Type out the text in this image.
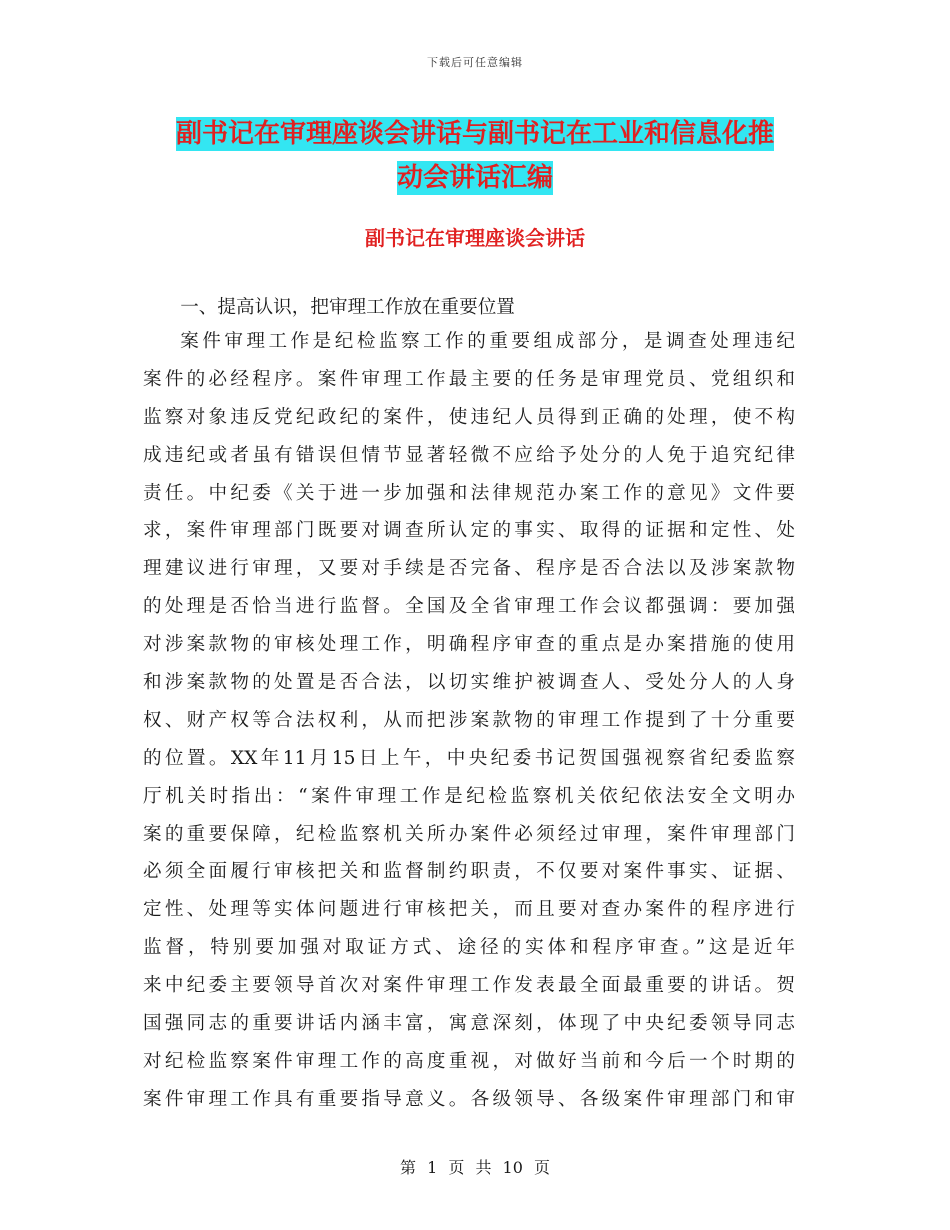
下载后可任意编辑
副书记在审理座谈会讲话与副书记在工业和信息化推
动会讲话汇编
副书记在审理座谈会讲话

一、提高认识，把审理工作放在重要位置

案件审理工作是纪检监察工作的重要组成部分，是调查处理违纪
案件的必经程序。案件审理工作最主要的任务是审理党员、党组织和
监察对象违反党纪政纪的案件，使违纪人员得到正确的处理，使不构
成违纪或者虽有错误但情节显著轻微不应给予处分的人免于追究纪律
责任。中纪委《关于进一步加强和法律规范办案工作的意见》文件要
求，案件审理部门既要对调查所认定的事实、取得的证据和定性、处
理建议进行审理，又要对手续是否完备、程序是否合法以及涉案款物
的处理是否恰当进行监督。全国及全省审理工作会议都强调：要加强
对涉案款物的审核处理工作，明确程序审查的重点是办案措施的使用
和涉案款物的处置是否合法，以切实维护被调查人、受处分人的人身
权、财产权等合法权利，从而把涉案款物的审理工作提到了十分重要
的位置。XX年11月15日上午，中央纪委书记贺国强视察省纪委监察
厅机关时指出：“案件审理工作是纪检监察机关依纪依法安全文明办
案的重要保障，纪检监察机关所办案件必须经过审理，案件审理部门
必须全面履行审核把关和监督制约职责，不仅要对案件事实、证据、
定性、处理等实体问题进行审核把关，而且要对查办案件的程序进行
监督，特别要加强对取证方式、途径的实体和程序审查。”这是近年
来中纪委主要领导首次对案件审理工作发表最全面最重要的讲话。贺
国强同志的重要讲话内涵丰富，寓意深刻，体现了中央纪委领导同志
对纪检监察案件审理工作的高度重视，对做好当前和今后一个时期的
案件审理工作具有重要指导意义。各级领导、各级案件审理部门和审
第 1 页 共 10 页
